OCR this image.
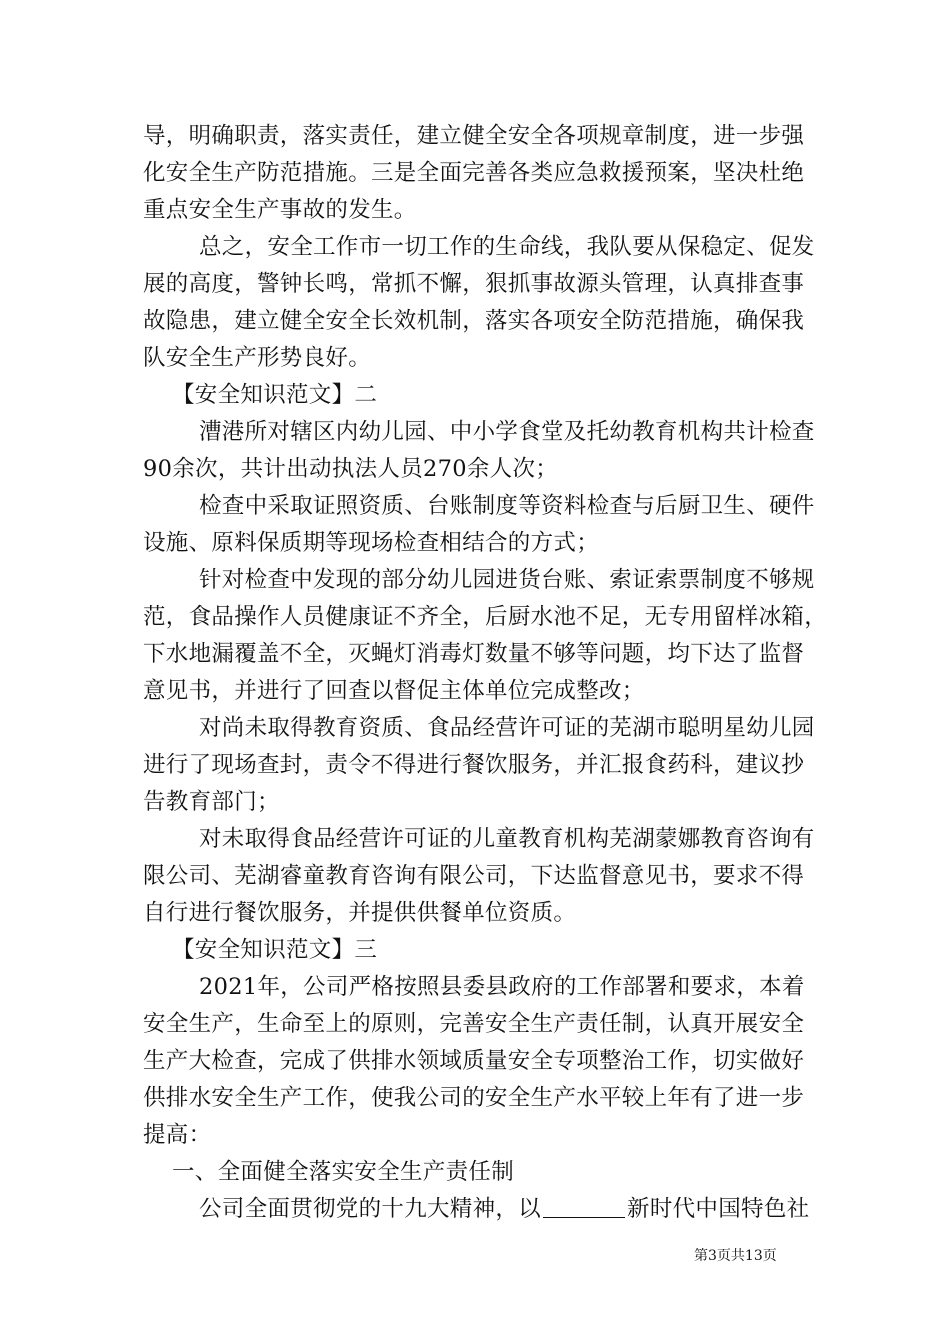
导，明确职责，落实责任，建立健全安全各项规章制度，进一步强
化安全生产防范措施。三是全面完善各类应急救援预案，坚决杜绝
重点安全生产事故的发生。
总之，安全工作市一切工作的生命线，我队要从保稳定、促发
展的高度，警钟长鸣，常抓不懈，狠抓事故源头管理，认真排查事
故隐患，建立健全安全长效机制，落实各项安全防范措施，确保我
队安全生产形势良好。
【安全知识范文】二
漕港所对辖区内幼儿园、中小学食堂及托幼教育机构共计检查
90余次，共计出动执法人员270余人次；
检查中采取证照资质、台账制度等资料检查与后厨卫生、硬件
设施、原料保质期等现场检查相结合的方式；
针对检查中发现的部分幼儿园进货台账、索证索票制度不够规
范，食品操作人员健康证不齐全，后厨水池不足，无专用留样冰箱，
下水地漏覆盖不全，灭蝇灯消毒灯数量不够等问题，均下达了监督
意见书，并进行了回查以督促主体单位完成整改；
对尚未取得教育资质、食品经营许可证的芜湖市聪明星幼儿园
进行了现场查封，责令不得进行餐饮服务，并汇报食药科，建议抄
告教育部门；
对未取得食品经营许可证的儿童教育机构芜湖蒙娜教育咨询有
限公司、芜湖睿童教育咨询有限公司，下达监督意见书，要求不得
自行进行餐饮服务，并提供供餐单位资质。
【安全知识范文】三
2021年，公司严格按照县委县政府的工作部署和要求，本着
安全生产，生命至上的原则，完善安全生产责任制，认真开展安全
生产大检查，完成了供排水领域质量安全专项整治工作，切实做好
供排水安全生产工作，使我公司的安全生产水平较上年有了进一步
提高：
一、全面健全落实安全生产责任制
公司全面贯彻党的十九大精神，以	新时代中国特色社
第3页共13页
